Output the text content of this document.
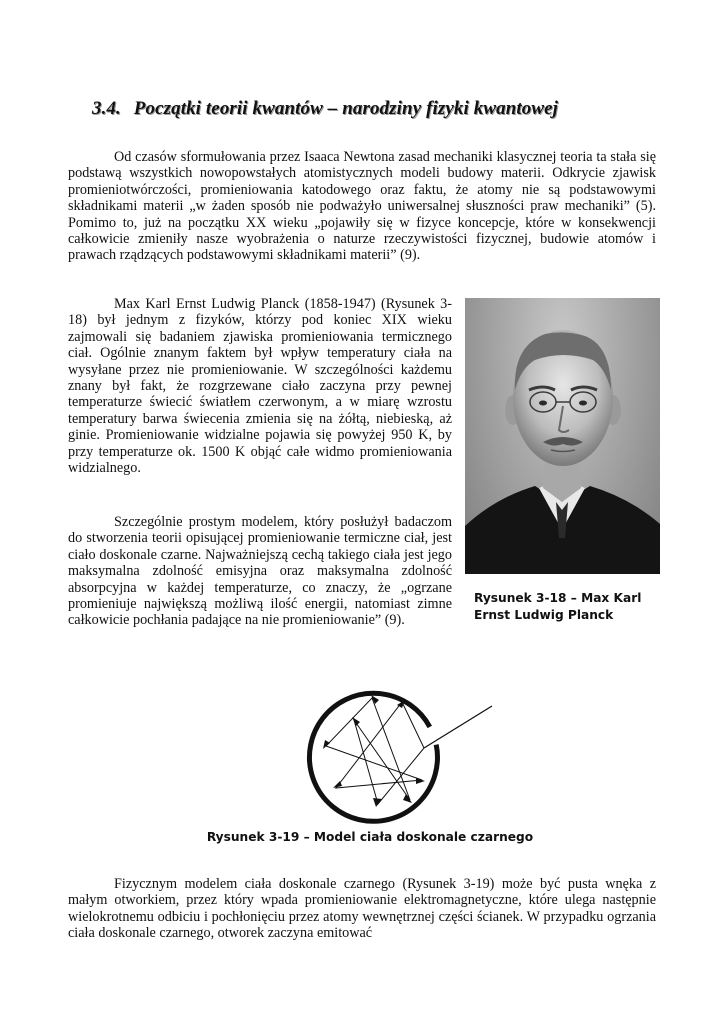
3.4. Początki teorii kwantów – narodziny fizyki kwantowej

Od czasów sformułowania przez Isaaca Newtona zasad mechaniki klasycznej teoria ta stała się podstawą wszystkich nowopowstałych atomistycznych modeli budowy materii. Odkrycie zjawisk promieniotwórczości, promieniowania katodowego oraz faktu, że atomy nie są podstawowymi składnikami materii „w żaden sposób nie podważyło uniwersalnej słuszności praw mechaniki” (5). Pomimo to, już na początku XX wieku „pojawiły się w fizyce koncepcje, które w konsekwencji całkowicie zmieniły nasze wyobrażenia o naturze rzeczywistości fizycznej, budowie atomów i prawach rządzących podstawowymi składnikami materii” (9).

Max Karl Ernst Ludwig Planck (1858-1947) (Rysunek 3-18) był jednym z fizyków, którzy pod koniec XIX wieku zajmowali się badaniem zjawiska promieniowania termicznego ciał. Ogólnie znanym faktem był wpływ temperatury ciała na wysyłane przez nie promieniowanie. W szczególności każdemu znany był fakt, że rozgrzewane ciało zaczyna przy pewnej temperaturze świecić światłem czerwonym, a w miarę wzrostu temperatury barwa świecenia zmienia się na żółtą, niebieską, aż ginie. Promieniowanie widzialne pojawia się powyżej 950 K, by przy temperaturze ok. 1500 K objąć całe widmo promieniowania widzialnego.

Szczególnie prostym modelem, który posłużył badaczom do stworzenia teorii opisującej promieniowanie termiczne ciał, jest ciało doskonale czarne. Najważniejszą cechą takiego ciała jest jego maksymalna zdolność emisyjna oraz maksymalna zdolność absorpcyjna w każdej temperaturze, co znaczy, że „ogrzane promieniuje największą możliwą ilość energii, natomiast zimne całkowicie pochłania padające na nie promieniowanie” (9).

Rysunek 3-18 – Max Karl Ernst Ludwig Planck

Rysunek 3-19 – Model ciała doskonale czarnego

Fizycznym modelem ciała doskonale czarnego (Rysunek 3-19) może być pusta wnęka z małym otworkiem, przez który wpada promieniowanie elektromagnetyczne, które ulega następnie wielokrotnemu odbiciu i pochłonięciu przez atomy wewnętrznej części ścianek. W przypadku ogrzania ciała doskonale czarnego, otworek zaczyna emitować
